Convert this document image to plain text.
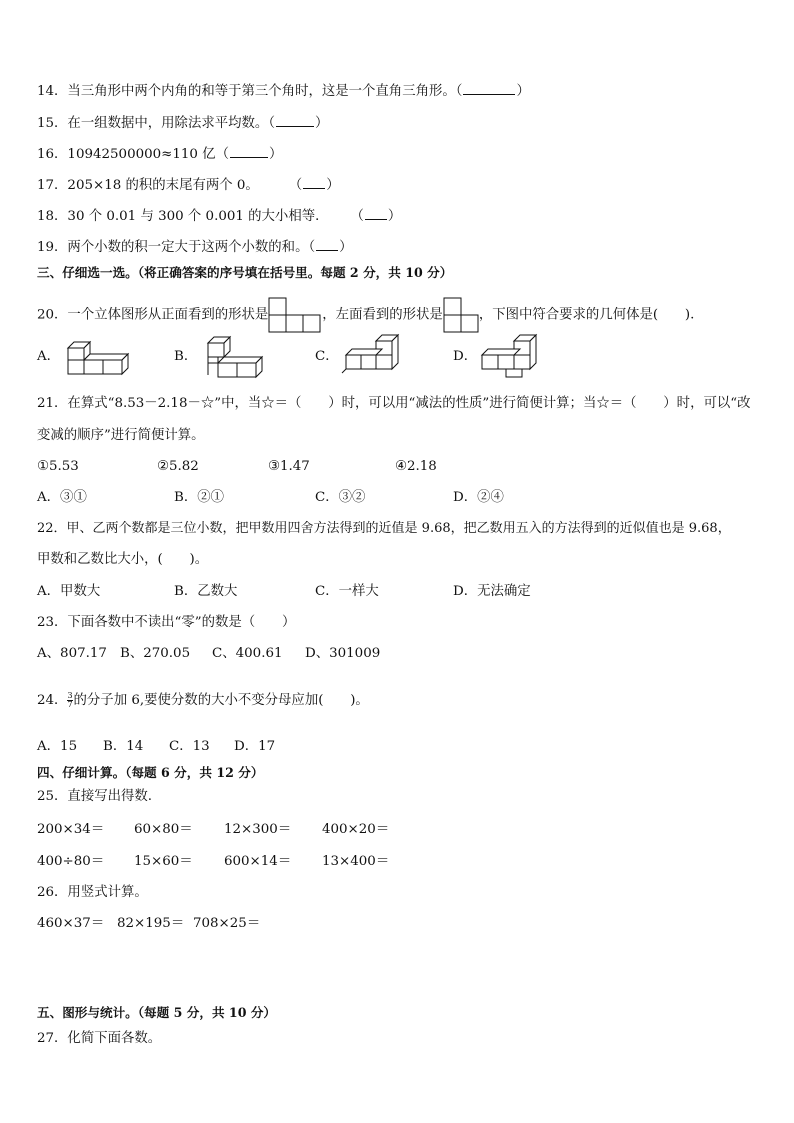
14．当三角形中两个内角的和等于第三个角时，这是一个直角三角形。（	）
15．在一组数据中，用除法求平均数。（	）
16．10942500000≈110 亿（	）
17．205×18 的积的末尾有两个 0。 （ ）
18．30 个 0.01 与 300 个 0.001 的大小相等． （ ）
19．两个小数的积一定大于这两个小数的和。（ ）
三、仔细选一选。（将正确答案的序号填在括号里。每题 2 分，共 10 分）
20．一个立体图形从正面看到的形状是	，左面看到的形状是	，下图中符合要求的几何体是(　　).
A．	B．	C．	D．
21．在算式“8.53－2.18－☆”中，当☆＝（　　）时，可以用“减法的性质”进行简便计算；当☆＝（　　）时，可以“改
变减的顺序”进行简便计算。
①5.53	②5.82	③1.47	④2.18
A．③①	B．②①	C．③②	D．②④
22．甲、乙两个数都是三位小数，把甲数用四舍方法得到的近值是 9.68，把乙数用五入的方法得到的近似值也是 9.68，
甲数和乙数比大小，(　　)。
A．甲数大	B．乙数大	C．一样大	D．无法确定
23．下面各数中不读出“零”的数是（　　）
A、807.17 B、270.05 C、400.61 D、301009
24． $\frac{3}{7}$ 的分子加 6,要使分数的大小不变分母应加(　　)。
A．15 B．14 C．13 D．17
四、仔细计算。（每题 6 分，共 12 分）
25．直接写出得数.
200×34＝ 60×80＝ 12×300＝ 400×20＝
400÷80＝ 15×60＝ 600×14＝ 13×400＝
26．用竖式计算。
460×37＝ 82×195＝ 708×25＝
五、图形与统计。（每题 5 分，共 10 分）
27．化简下面各数。
